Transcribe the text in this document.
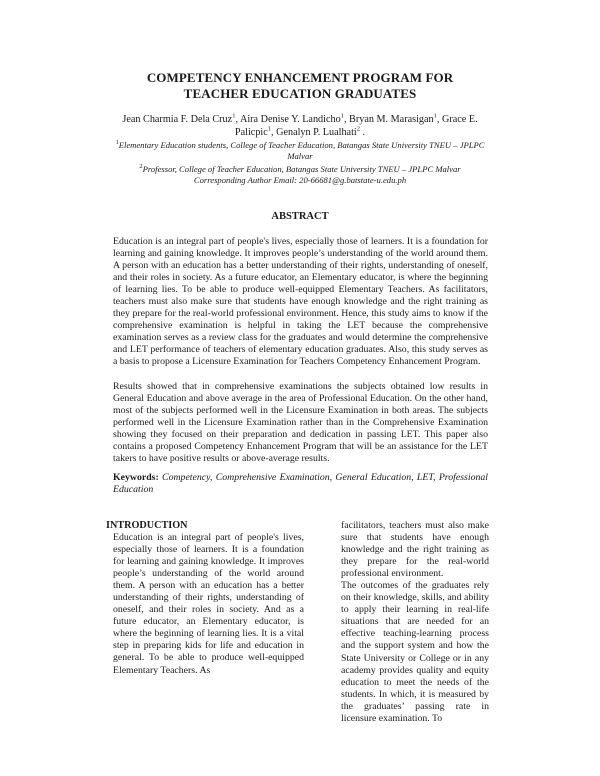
COMPETENCY ENHANCEMENT PROGRAM FOR
TEACHER EDUCATION GRADUATES
Jean Charmia F. Dela Cruz$^1$, Aira Denise Y. Landicho$^1$, Bryan M. Marasigan$^1$, Grace E.
Palicpic$^1$, Genalyn P. Lualhati$^2$ .
$^1$Elementary Education students, College of Teacher Education, Batangas State University TNEU – JPLPC Malvar
$^2$Professor, College of Teacher Education, Batangas State University TNEU – JPLPC Malvar
Corresponding Author Email: 20-66681@g.batstate-u.edu.ph
ABSTRACT
Education is an integral part of people's lives, especially those of learners. It is a foundation for learning and gaining knowledge. It improves people’s understanding of the world around them. A person with an education has a better understanding of their rights, understanding of oneself, and their roles in society. As a future educator, an Elementary educator, is where the beginning of learning lies. To be able to produce well-equipped Elementary Teachers. As facilitators, teachers must also make sure that students have enough knowledge and the right training as they prepare for the real-world professional environment. Hence, this study aims to know if the comprehensive examination is helpful in taking the LET because the comprehensive examination serves as a review class for the graduates and would determine the comprehensive and LET performance of teachers of elementary education graduates. Also, this study serves as a basis to propose a Licensure Examination for Teachers Competency Enhancement Program.
Results showed that in comprehensive examinations the subjects obtained low results in General Education and above average in the area of Professional Education. On the other hand, most of the subjects performed well in the Licensure Examination in both areas. The subjects performed well in the Licensure Examination rather than in the Comprehensive Examination showing they focused on their preparation and dedication in passing LET. This paper also contains a proposed Competency Enhancement Program that will be an assistance for the LET takers to have positive results or above-average results.
Keywords: Competency, Comprehensive Examination, General Education, LET, Professional Education
INTRODUCTION

Education is an integral part of people's lives, especially those of learners. It is a foundation for learning and gaining knowledge. It improves people’s understanding of the world around them. A person with an education has a better understanding of their rights, understanding of oneself, and their roles in society. And as a future educator, an Elementary educator, is where the beginning of learning lies. It is a vital step in preparing kids for life and education in general. To be able to produce well-equipped Elementary Teachers. As

facilitators, teachers must also make sure that students have enough knowledge and the right training as they prepare for the real-world professional environment.

The outcomes of the graduates rely on their knowledge, skills, and ability to apply their learning in real-life situations that are needed for an effective teaching-learning process and the support system and how the State University or College or in any academy provides quality and equity education to meet the needs of the students. In which, it is measured by the graduates’ passing rate in licensure examination. To
